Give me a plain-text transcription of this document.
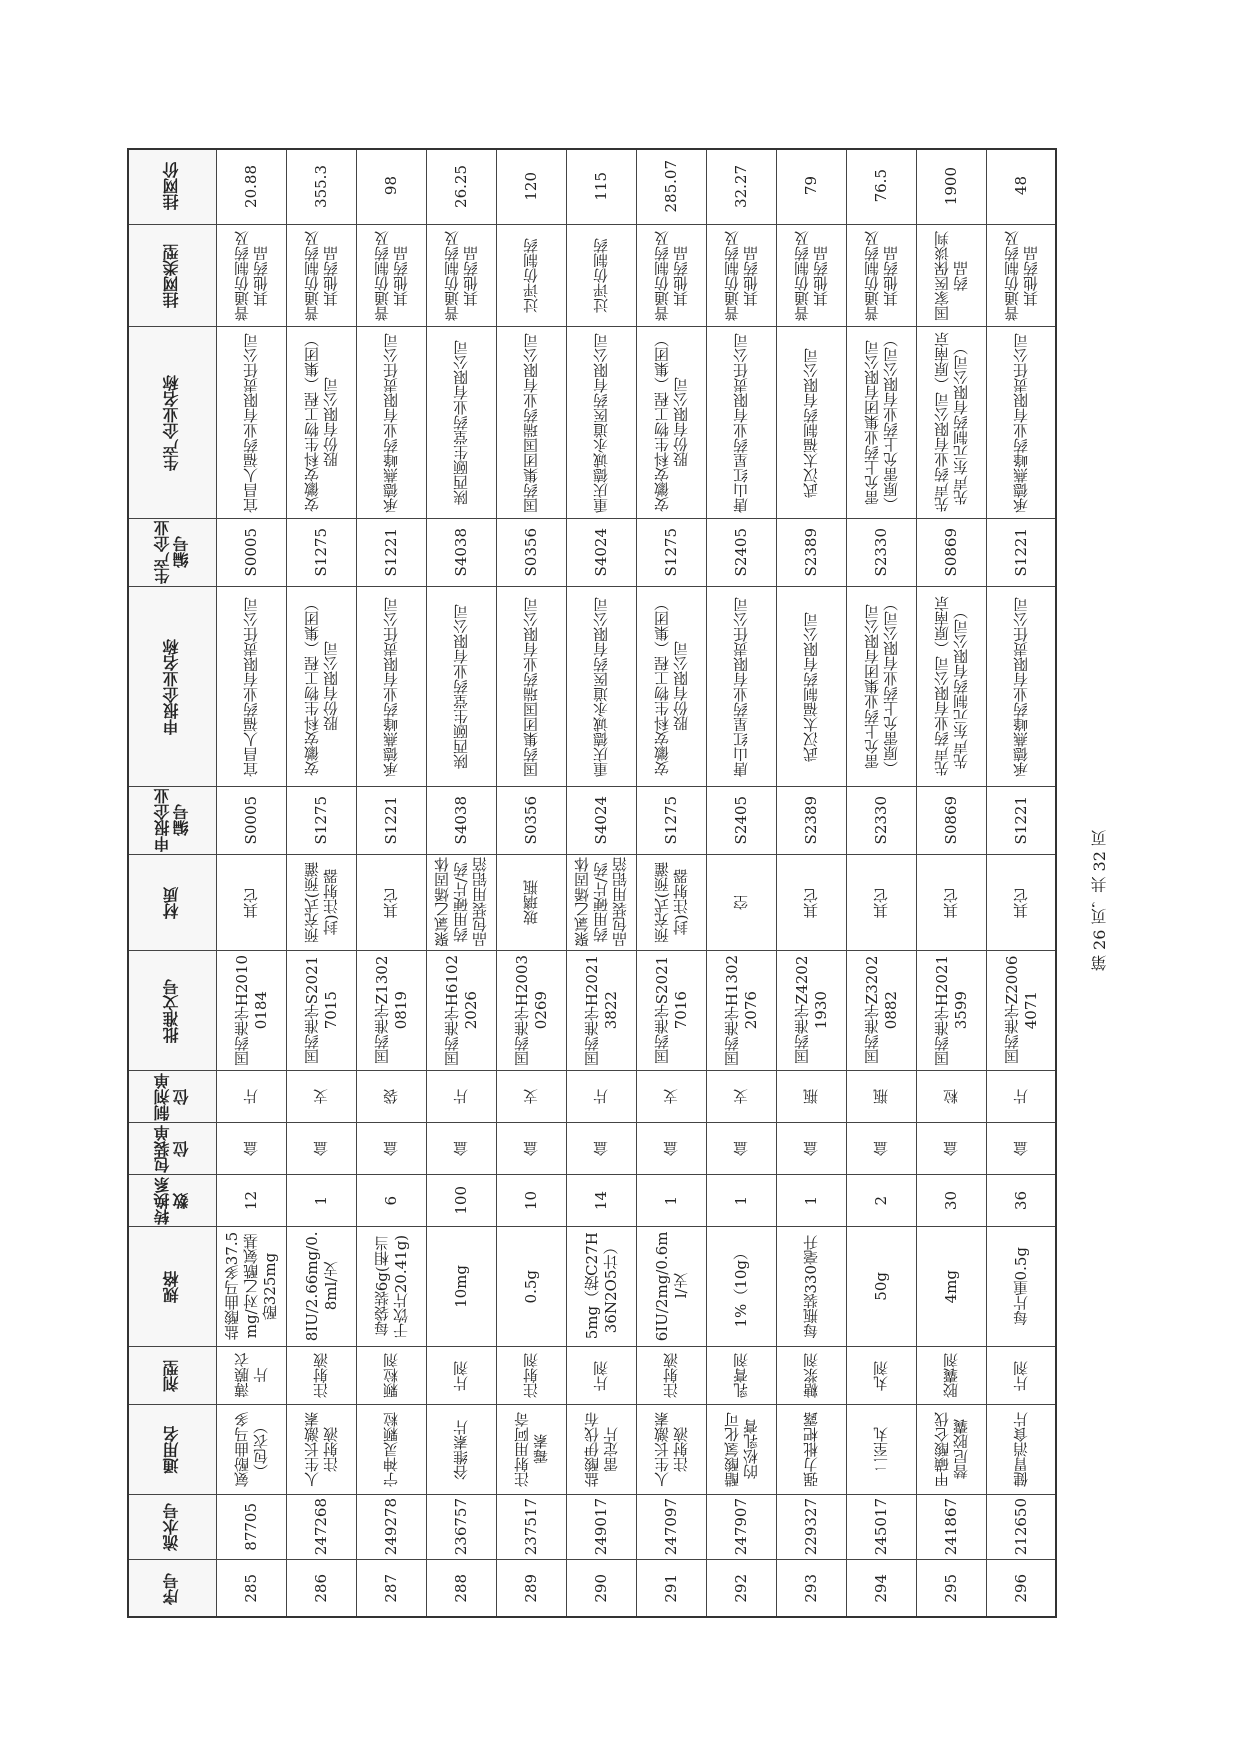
序号
流水号
通用名
剂型
规格
转换系数
包装单位
制剂单位
批准文号
材质
申报企业编号
申报企业名称
生产企业编号
生产企业名称
挂网类型
挂网价
285
87705
氨酚曲马多（包衣）
薄膜衣片
盐酸曲马多37.5mg/对乙酰氨基酚325mg
12
盒
片
国药准字H20100184
其它
S0005
宜昌人福药业有限责任公司
S0005
宜昌人福药业有限责任公司
普通仿制药及其他药品
20.88
286
247268
人生长激素注射液
注射液
8IU/2.66mg/0.8ml/支
1
盒
支
国药准字S20217015
预充式(预灌封)注射器
S1275
安徽安科生物工程（集团）股份有限公司
S1275
安徽安科生物工程（集团）股份有限公司
普通仿制药及其他药品
355.3
287
249278
宁神灵颗粒
颗粒剂
每袋装6g(相当于饮片20.41g)
6
盒
袋
国药准字Z13020819
其它
S1221
承德燕峰药业有限责任公司
S1221
承德燕峰药业有限责任公司
普通仿制药及其他药品
98
288
236757
谷维素片
片剂
10mg
100
盒
片
国药准字H61022026
聚氯乙烯固体药用硬片/药品包装用铝箔
S4038
陕西颐生堂药业有限公司
S4038
陕西颐生堂药业有限公司
普通仿制药及其他药品
26.25
289
237517
注射用阿奇霉素
注射剂
0.5g
10
盒
支
国药准字H20030269
玻璃瓶
S0356
国药集团国瑞药业有限公司
S0356
国药集团国瑞药业有限公司
过评仿制药
120
290
249017
盐酸伊伐布雷定片
片剂
5mg（按C27H36N2O5计）
14
盒
片
国药准字H20213822
聚氯乙烯固体药用硬片/药品包装用铝箔
S4024
重庆德诚永道医药有限公司
S4024
重庆德诚永道医药有限公司
过评仿制药
115
291
247097
人生长激素注射液
注射液
6IU/2mg/0.6ml/支
1
盒
支
国药准字S20217016
预充式(预灌封)注射器
S1275
安徽安科生物工程（集团）股份有限公司
S1275
安徽安科生物工程（集团）股份有限公司
普通仿制药及其他药品
285.07
292
247907
醋酸氢化可的松乳膏
乳膏剂
1%（10g）
1
盒
支
国药准字H13022076
空
S2405
唐山红星药业有限责任公司
S2405
唐山红星药业有限责任公司
普通仿制药及其他药品
32.27
293
229327
强力枇杷露
糖浆剂
每瓶装330毫升
1
盒
瓶
国药准字Z42021930
其它
S2389
武汉太福制药有限公司
S2389
武汉太福制药有限公司
普通仿制药及其他药品
79
294
245017
二至丸
丸剂
50g
2
盒
瓶
国药准字Z32020882
其它
S2330
雷允上药业集团有限公司（原雷允上药业有限公司）
S2330
雷允上药业集团有限公司（原雷允上药业有限公司）
普通仿制药及其他药品
76.5
295
241867
甲磺酸仑伐替尼胶囊
胶囊剂
4mg
30
盒
粒
国药准字H20213599
其它
S0869
先声药业有限公司（原南京先声东元制药有限公司）
S0869
先声药业有限公司（原南京先声东元制药有限公司）
国家医保谈判药品
1900
296
212650
健胃消食片
片剂
每片重0.5g
36
盒
片
国药准字Z20064071
其它
S1221
承德燕峰药业有限责任公司
S1221
承德燕峰药业有限责任公司
普通仿制药及其他药品
48
第 26 页，共 32 页
